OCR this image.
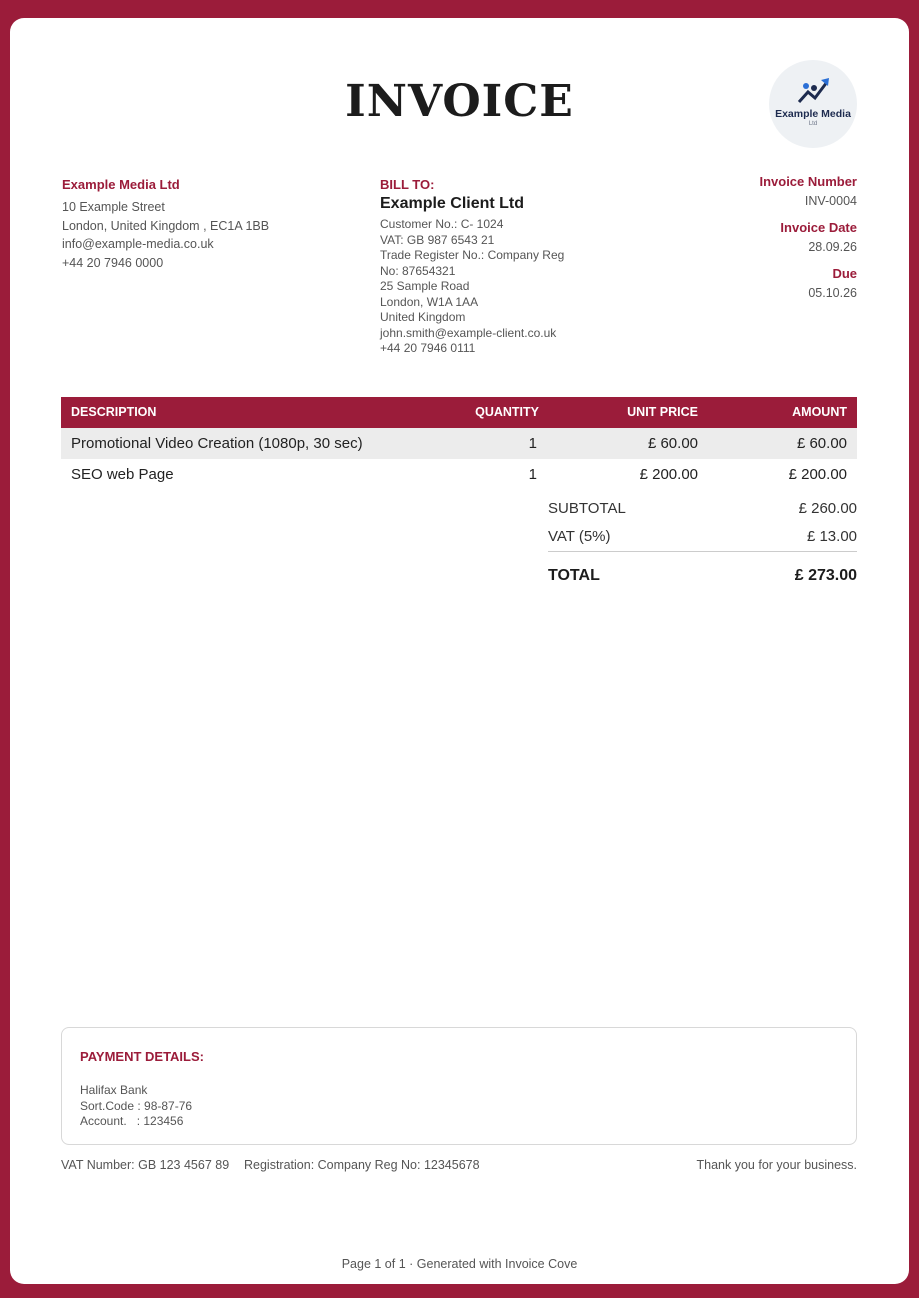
INVOICE	Example Media
Ltd
Example Media Ltd
10 Example Street
London, United Kingdom , EC1A 1BB
info@example-media.co.uk
+44 20 7946 0000
BILL TO:
Example Client Ltd
Customer No.: C- 1024
VAT: GB 987 6543 21
Trade Register No.: Company Reg
No: 87654321
25 Sample Road
London, W1A 1AA
United Kingdom
john.smith@example-client.co.uk
+44 20 7946 0111
Invoice Number
INV-0004
Invoice Date
28.09.26
Due
05.10.26
DESCRIPTION	QUANTITY	UNIT PRICE	AMOUNT
Promotional Video Creation (1080p, 30 sec)	1	£ 60.00	£ 60.00
SEO web Page	1	£ 200.00	£ 200.00
SUBTOTAL	£ 260.00
VAT (5%)	£ 13.00
TOTAL	£ 273.00
PAYMENT DETAILS:
Halifax Bank
Sort.Code : 98-87-76
Account.   : 123456
VAT Number: GB 123 4567 89 Registration: Company Reg No: 12345678	Thank you for your business.
Page 1 of 1 · Generated with Invoice Cove
